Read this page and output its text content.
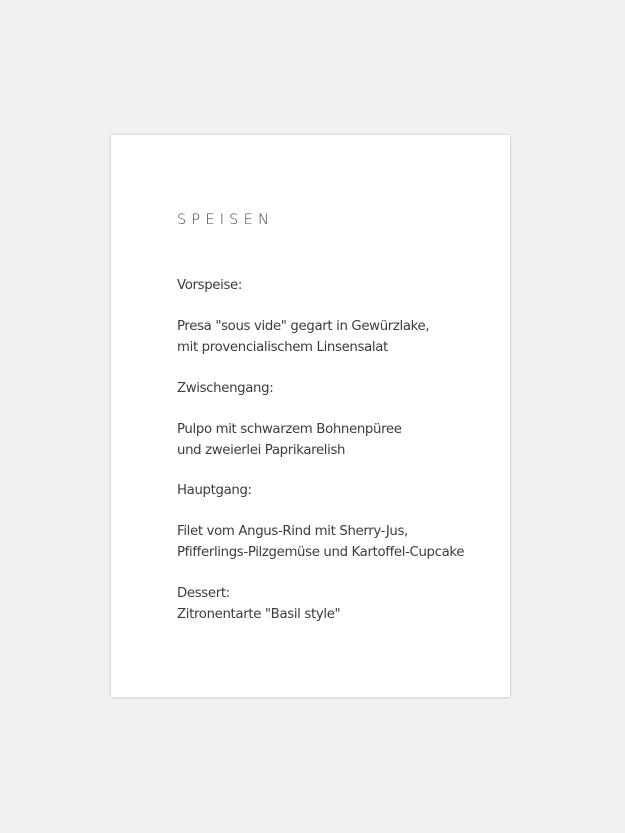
SPEISEN
Vorspeise:
Presa "sous vide" gegart in Gewürzlake,
mit provencialischem Linsensalat
Zwischengang:
Pulpo mit schwarzem Bohnenpüree
und zweierlei Paprikarelish
Hauptgang:
Filet vom Angus-Rind mit Sherry-Jus,
Pfifferlings-Pilzgemüse und Kartoffel-Cupcake
Dessert:
Zitronentarte "Basil style"
